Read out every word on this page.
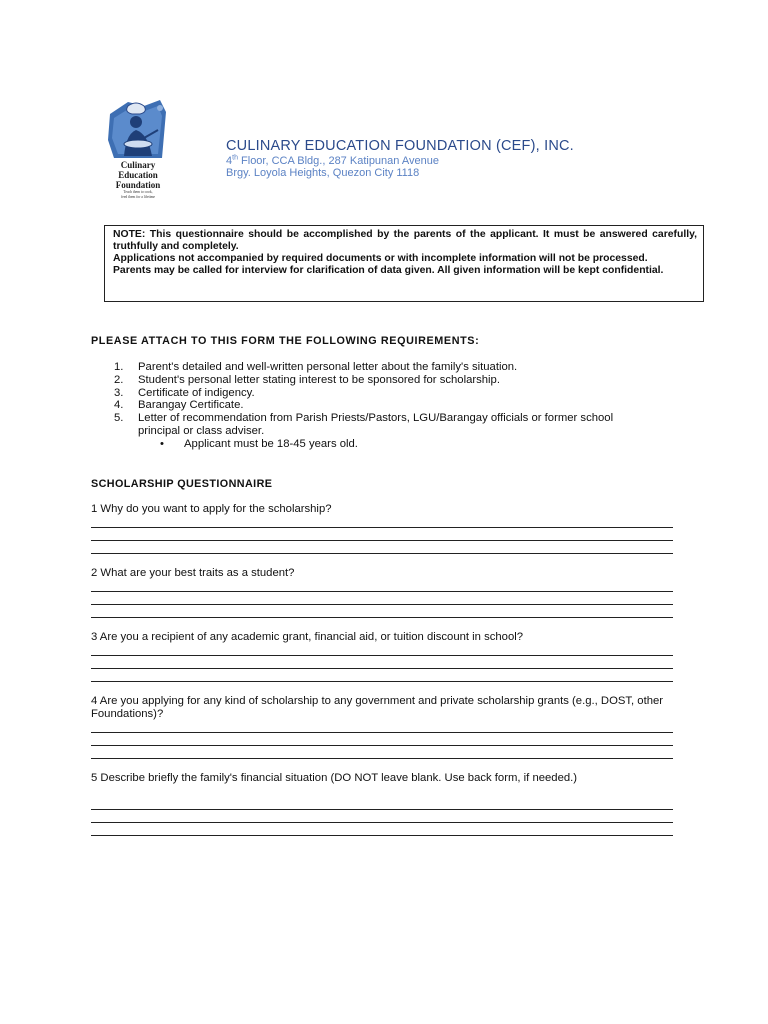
Culinary
Education
Foundation
Teach them to cook,
feed them for a lifetime
CULINARY EDUCATION FOUNDATION (CEF), INC.
4th Floor, CCA Bldg., 287 Katipunan Avenue
Brgy. Loyola Heights, Quezon City 1118

NOTE: This questionnaire should be accomplished by the parents of the applicant. It must be answered carefully, truthfully and completely.

Applications not accompanied by required documents or with incomplete information will not be processed.

Parents may be called for interview for clarification of data given. All given information will be kept confidential.

PLEASE ATTACH TO THIS FORM THE FOLLOWING REQUIREMENTS:
1.	Parent's detailed and well-written personal letter about the family's situation.
2.	Student's personal letter stating interest to be sponsored for scholarship.
3.	Certificate of indigency.
4.	Barangay Certificate.
5.	Letter of recommendation from Parish Priests/Pastors, LGU/Barangay officials or former school principal or class adviser.
•	Applicant must be 18-45 years old.
SCHOLARSHIP QUESTIONNAIRE
1 Why do you want to apply for the scholarship?
2 What are your best traits as a student?
3 Are you a recipient of any academic grant, financial aid, or tuition discount in school?
4 Are you applying for any kind of scholarship to any government and private scholarship grants (e.g., DOST, other Foundations)?
5 Describe briefly the family's financial situation (DO NOT leave blank. Use back form, if needed.)
